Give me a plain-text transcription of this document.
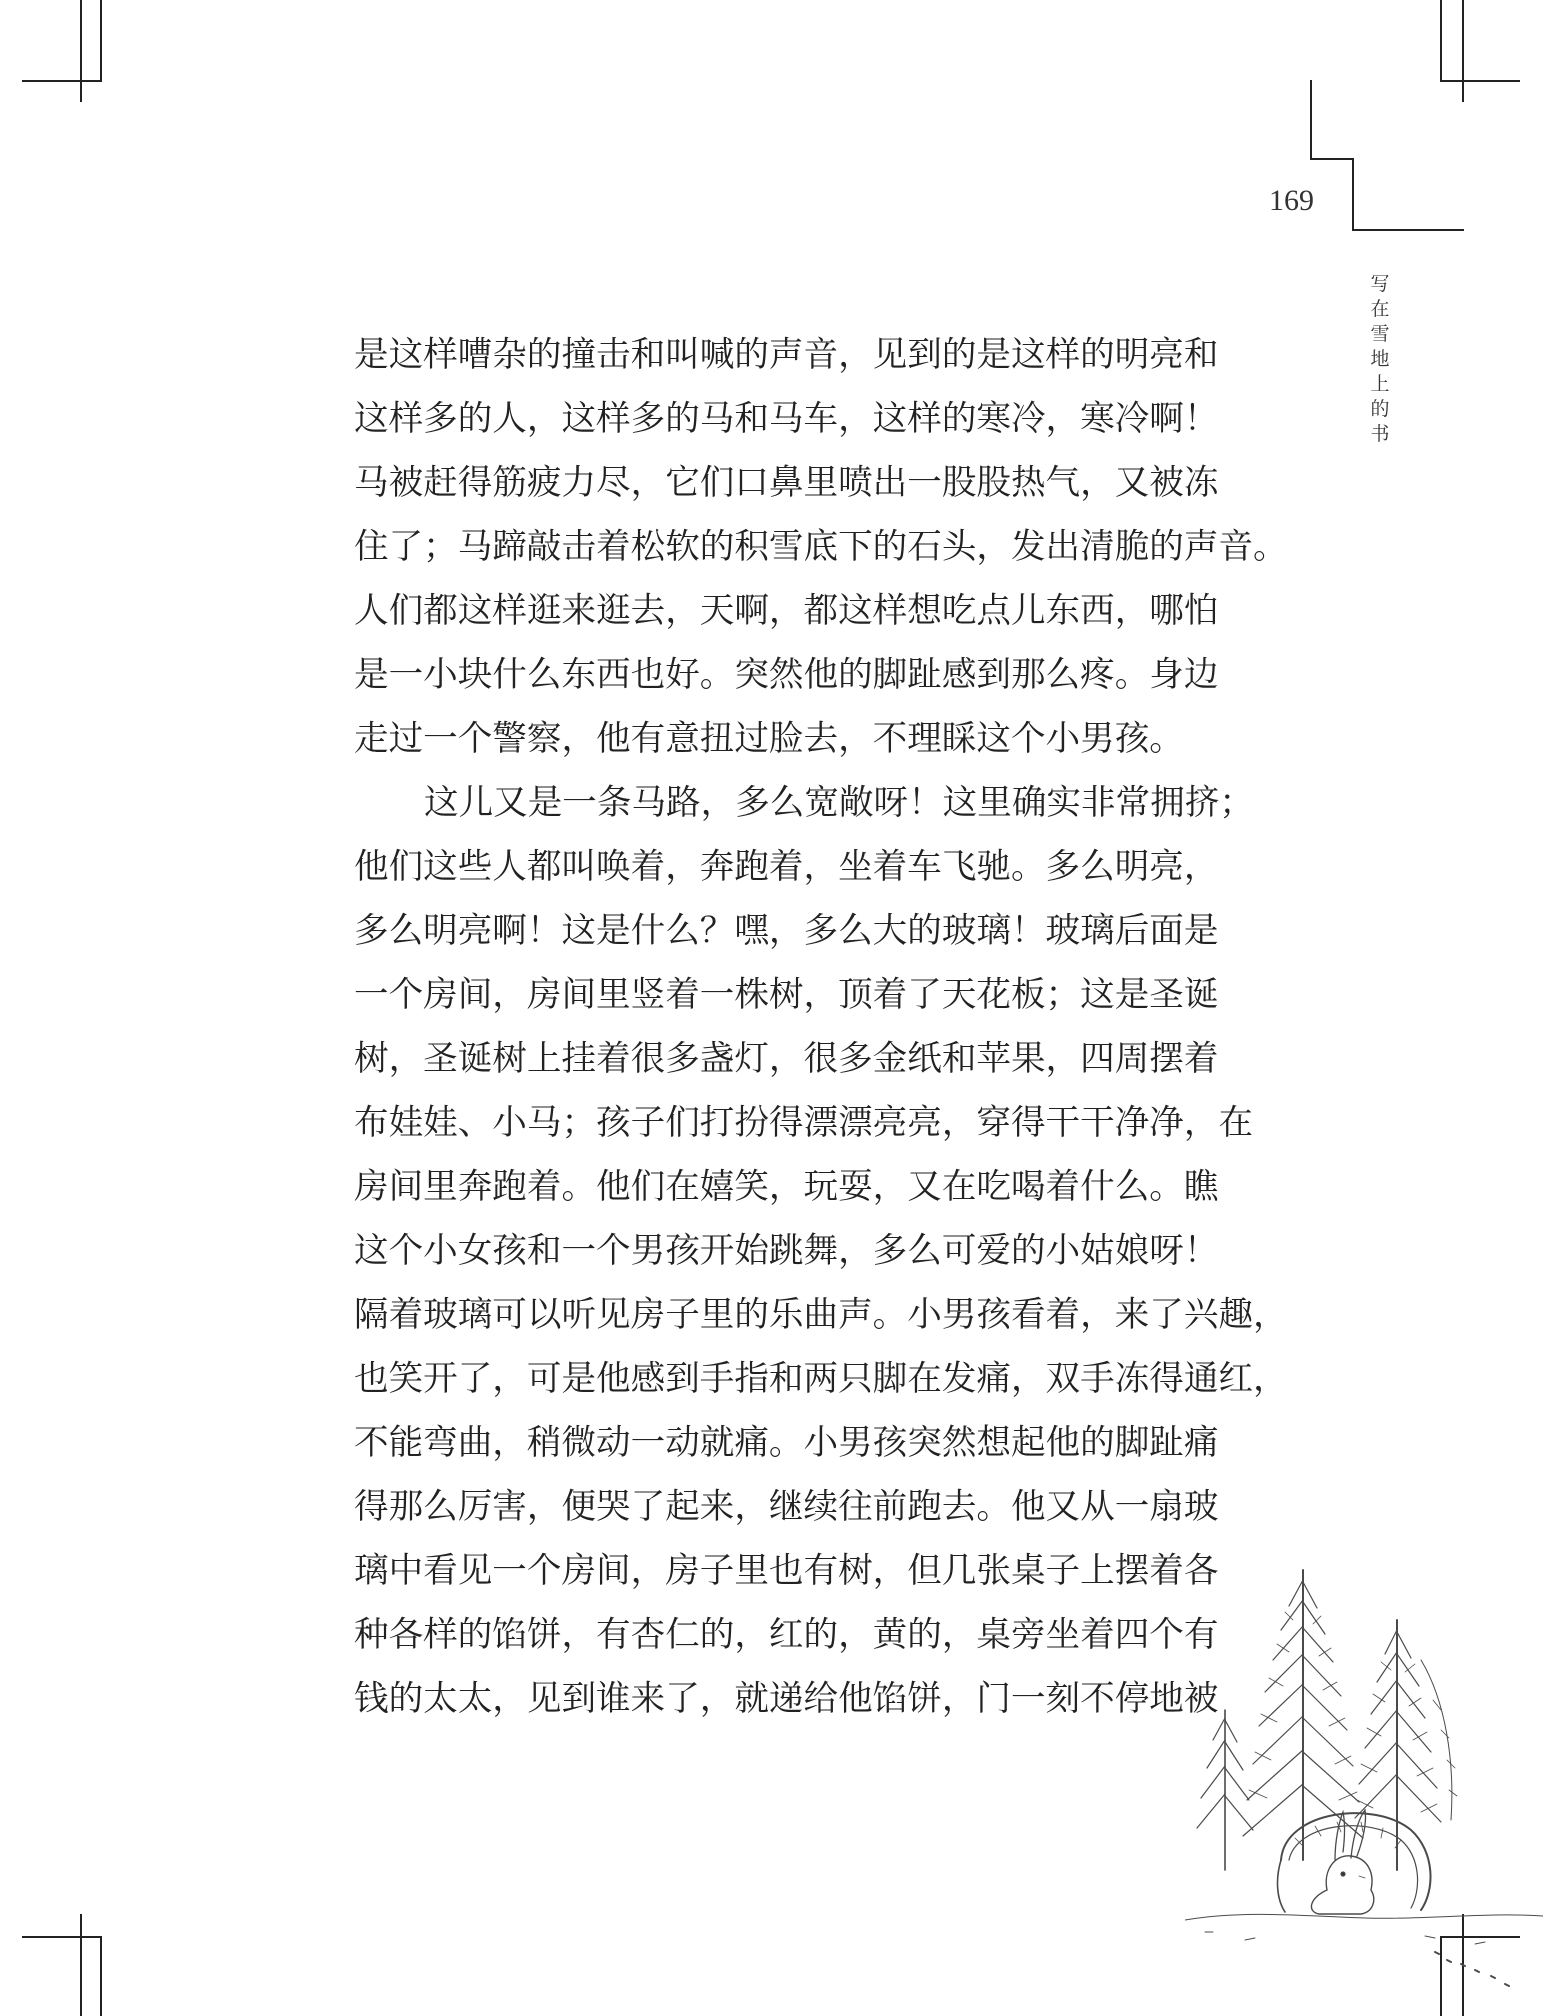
169
写
在
雪
地
上
的
书
是这样嘈杂的撞击和叫喊的声音，见到的是这样的明亮和
这样多的人，这样多的马和马车，这样的寒冷，寒冷啊！
马被赶得筋疲力尽，它们口鼻里喷出一股股热气，又被冻
住了；马蹄敲击着松软的积雪底下的石头，发出清脆的声音。
人们都这样逛来逛去，天啊，都这样想吃点儿东西，哪怕
是一小块什么东西也好。突然他的脚趾感到那么疼。身边
走过一个警察，他有意扭过脸去，不理睬这个小男孩。
这儿又是一条马路，多么宽敞呀！这里确实非常拥挤；
他们这些人都叫唤着，奔跑着，坐着车飞驰。多么明亮，
多么明亮啊！这是什么？嘿，多么大的玻璃！玻璃后面是
一个房间，房间里竖着一株树，顶着了天花板；这是圣诞
树，圣诞树上挂着很多盏灯，很多金纸和苹果，四周摆着
布娃娃、小马；孩子们打扮得漂漂亮亮，穿得干干净净，在
房间里奔跑着。他们在嬉笑，玩耍，又在吃喝着什么。瞧
这个小女孩和一个男孩开始跳舞，多么可爱的小姑娘呀！
隔着玻璃可以听见房子里的乐曲声。小男孩看着，来了兴趣，
也笑开了，可是他感到手指和两只脚在发痛，双手冻得通红，
不能弯曲，稍微动一动就痛。小男孩突然想起他的脚趾痛
得那么厉害，便哭了起来，继续往前跑去。他又从一扇玻
璃中看见一个房间，房子里也有树，但几张桌子上摆着各
种各样的馅饼，有杏仁的，红的，黄的，桌旁坐着四个有
钱的太太，见到谁来了，就递给他馅饼，门一刻不停地被
